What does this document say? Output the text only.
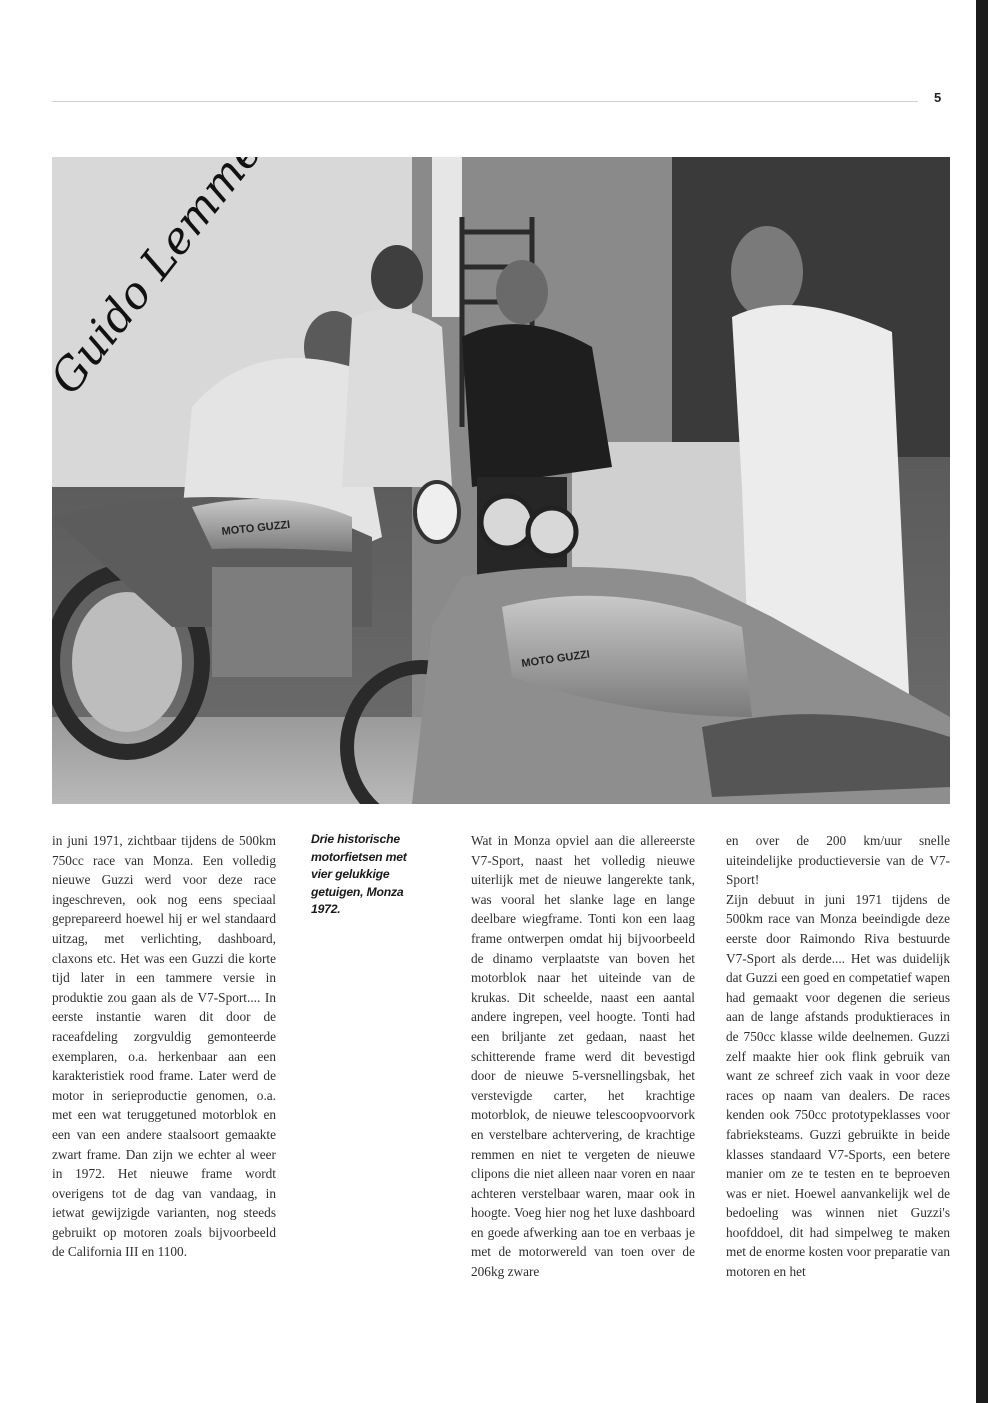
5
MOTO GUZZI
MOTO GUZZI

in juni 1971, zichtbaar tijdens de 500km 750cc race van Monza. Een volledig nieuwe Guzzi werd voor deze race ingeschreven, ook nog eens speciaal geprepareerd hoewel hij er wel standaard uitzag, met verlichting, dashboard, claxons etc. Het was een Guzzi die korte tijd later in een tammere versie in produktie zou gaan als de V7-Sport.... In eerste instantie waren dit door de raceafdeling zorgvuldig gemonteerde exemplaren, o.a. herkenbaar aan een karakteristiek rood frame. Later werd de motor in serieproductie genomen, o.a. met een wat teruggetuned motorblok en een van een andere staalsoort gemaakte zwart frame. Dan zijn we echter al weer in 1972. Het nieuwe frame wordt overigens tot de dag van vandaag, in ietwat gewijzigde varianten, nog steeds gebruikt op motoren zoals bijvoorbeeld de California III en 1100.

Drie historische motorfietsen met vier gelukkige getuigen, Monza 1972.

Wat in Monza opviel aan die allereerste V7-Sport, naast het volledig nieuwe uiterlijk met de nieuwe langerekte tank, was vooral het slanke lage en lange deelbare wiegframe. Tonti kon een laag frame ontwerpen omdat hij bijvoorbeeld de dinamo verplaatste van boven het motorblok naar het uiteinde van de krukas. Dit scheelde, naast een aantal andere ingrepen, veel hoogte. Tonti had een briljante zet gedaan, naast het schitterende frame werd dit bevestigd door de nieuwe 5-versnellingsbak, het verstevigde carter, het krachtige motorblok, de nieuwe telescoopvoorvork en verstelbare achtervering, de krachtige remmen en niet te vergeten de nieuwe clipons die niet alleen naar voren en naar achteren verstelbaar waren, maar ook in hoogte. Voeg hier nog het luxe dashboard en goede afwerking aan toe en verbaas je met de motorwereld van toen over de 206kg zware

en over de 200 km/uur snelle uiteindelijke productieversie van de V7-Sport!

Zijn debuut in juni 1971 tijdens de 500km race van Monza beeindigde deze eerste door Raimondo Riva bestuurde V7-Sport als derde.... Het was duidelijk dat Guzzi een goed en competatief wapen had gemaakt voor degenen die serieus aan de lange afstands produktieraces in de 750cc klasse wilde deelnemen. Guzzi zelf maakte hier ook flink gebruik van want ze schreef zich vaak in voor deze races op naam van dealers. De races kenden ook 750cc prototypeklasses voor fabrieksteams. Guzzi gebruikte in beide klasses standaard V7-Sports, een betere manier om ze te testen en te beproeven was er niet. Hoewel aanvankelijk wel de bedoeling was winnen niet Guzzi's hoofddoel, dit had simpelweg te maken met de enorme kosten voor preparatie van motoren en het
